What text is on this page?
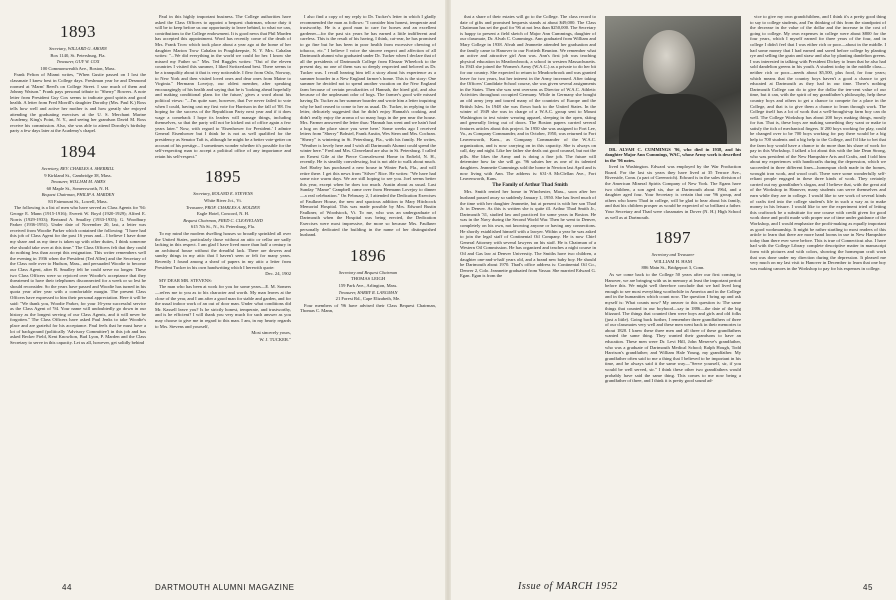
1893

Secretary, WILLARD G. ABORN

Box 1140, St. Petersburg, Fla.

Treasurer, GUY W. COX

100 Commonwealth Ave., Boston, Mass.

Frank Pelton of Miami writes, "When Gustie passed on I lost the classmate I knew best in College days. Freshman year he and Desmond roomed at 'Marm' Reed's on College Street. I saw much of them and Johnny Watson." Frank pays personal tribute to "Sherry" Bowers. A note letter from President Guy Cox seems to indicate good spirits and good health. A letter from Fred Morrill's daughter Dorothy (Mrs. Paul K.) Ross tells how well and active her mother is and how greatly she enjoyed attending the graduating exercises at the U. S. Merchant Marine Academy, King's Point, N. Y., and seeing her grandson David M. Ross receive his commission. Also, she was able to attend Dorothy's birthday party a few days later at the Academy's chapel.

1894

Secretary, REV. CHARLES A. SHERRILL

9 Kirkland St., Cambridge 38, Mass.

Treasurer, WILLIAM M. AMES

60 Maple St., Somersworth, N. H.

Bequest Chairman, PHILIP A. MARDEN

83 Fairmount St., Lowell, Mass.

The following is a list of men who have served as Class Agents for '94: George E. Mann (1915-1916); Everett W. Boyd (1920-1929); Alfred E. Norris (1929-1933); Bertrand A. Smalley (1933-1935); G. Woodbury Parker (1936-1951). Under date of November 20, last, a letter was received from Woodie Parker which contained the following: "I have had this job of Class Agent for the past 16 years and... I believe I have done my share and as my time is taken up with other duties, I think someone else should take over at this time." The Class Officers felt that they could do nothing less than accept this resignation. This writer remembers well the evening in 1936 when the President (Ted Allen) and the Secretary of the Class rode over to Hudson, Mass., and persuaded Woodie to become our Class Agent, after B. Smalley felt he could serve no longer. These two Class Officers were so rejoiced over Woodie's acceptance that they threatened to have their telephones disconnected for a week or so lest he should reconsider. So the years have passed and Woodie has turned in his quota year after year with a comfortable margin. The present Class Officers have expressed to him their personal appreciation. Here it will be said: "We thank you, Woodie Parker, for your 16-year successful service as the Class Agent of '94. Your name will undoubtedly go down in our history as the longest serving of our Class Agents, and it will never be forgotten." The Class Officers have asked Paul Jenks to take Woodie's place and are grateful for his acceptance. Paul feels that he must have a lot of background (politically 'Advisory Committee') in this job and has asked Becker Field, Kent Knowlton, Bud Lyon, P. Marden and the Class Secretary to serve in this capacity. Let us all, however, get solidly behind

Paul in this highly important business. The College authorities have asked the Class Officers to appoint a bequest chairman, whose duty it will be to keep before us our opportunity to leave behind, to what we can, contributions to the College endowment. It is good news that Phil Marden has accepted this appointment. Word has recently come of the death of Mrs. Frank Trow which took place about a year ago at the home of her daughter Marion Trow Cahalan in Poughkeepsie, N. Y. Mrs. Cahalan writes: "...We did everything in the world we could for her. I know she missed my Father so." Mrs. Ted Ruggles writes: "Out of the eleven countries I visited this summer, I liked Switzerland best. There seems to be a tranquility about it that is very noticeable. I flew from Oslo, Norway, to New York and then visited loved ones and dear ones from Maine to Virginia." Hermann Lovejoy, our oldest member, after speaking encouragingly of his health and saying that he is 'looking ahead hopefully and making conditional plans for the future,' gives a word about his political views: "...I'm quite sure, however, that I've never failed to vote when I could, having cast my first vote for Harrison in the fall of '88. I'm hoping for the success of the Republican Party next year and if it does wage a comeback I hope its leaders will manage things, including themselves, so that the party will not be kicked out of office again a few years later." Now, with regard to 'Eisenhower for President.' I admire General Eisenhower but I think he is not as well qualified for the presidency as Senator Taft is, although he might be a better vote-getter on account of his prestige... I sometimes wonder whether it's possible for the self-respecting man to accept a political office of any importance and retain his self-respect."

1895

Secretary, ROLAND E. STEVENS

White River Jct., Vt.

Treasurer, PROF. CHARLES A. HOLDEN

Eagle Hotel, Concord, N. H.

Bequest Chairman, FRED C. CLEAVELAND

615 7th St., N., St. Petersburg, Fla.

To my mind the modern dwelling houses so broadly sprinkled all over the United States, particularly those without an attic or cellar are sadly lacking in this respect. I am glad I have lived more than half a century in an architural house without the dreadful lack. There are dowers and sundry things in my attic that I haven't seen or felt for many years. Recently I found among a sheaf of papers in my attic a letter from President Tucker in his own handwriting which I herewith quote:

Dec. 24, 1902

MY DEAR MR. STEVENS:

The man who has been at work for you for some years—E. M. Somers—refers me to you as to his character and worth. My man leaves at the close of the year, and I am after a good man for stable and garden, and for the usual indoor work of an out of door man. Under what conditions did Mr. Kassell leave you? Is he strictly honest, temperate, and trustworthy, and is he efficient? I will thank you very much for such answer as you may choose to give me in regard to this man. I am, in my hearty regards to Mrs. Stevens and yourself,

Most sincerely yours,

W. J. TUCKER."

I also find a copy of my reply to Dr. Tucker's letter in which I gladly recommended the man as follows: "I consider him honest, temperate and trustworthy. He is a good man to care for horses and an excellent gardener—for the past six years he has earned a little indifferent and careless. This is the result of his having, I think, cat-rear, he has promised to go fine but he has been in poor health from excessive chewing of tobacco, etc." I believe I voice the sincere respect and affection of all Dartmouth alumni who graduated under Dr. Tucker when I declare that of all the presidents of Dartmouth College from Eleazar Wheelock to the present day, no one of them was so deeply respected and beloved as Dr. Tucker was. I recall hearing him tell a story about his experience as a summer boarder in a New England farmer's home. This is the story: One summer he decided not to spend another vacation on the New England farm because of certain peculiarities of Hannah, the hired girl, and also because of the unpleasant odor of hogs. The farmer's good wife missed having Dr. Tucker as her summer boarder and wrote him a letter inquiring why he had ceased to come to her as usual. Dr. Tucker, in replying to the letter, delicately suggested that he didn't enjoy Hannah's cooking, and didn't really enjoy the aroma of so many hogs in the pen near the house. Mrs. Farmer answered the letter thus: 'Hannah has went and we hain't had a hog on the place since you were here.' Some weeks ago I received letters from "Sherry" Bohstel, Frank Austin, Wes Stern and Mrs. Cochran. "Sherry" is wintering in St. Petersburg, Fla., with his family. He writes, "Weather is lovely here and I wish all Dartmouth Alumni could spend the winter here." Fred and Mrs. Cleaveland are also in St. Petersburg. I called on Ernest Gile at the Pierce Convalescent Home in Enfield, N. H., recently. He is steadily convalescing, but is not able to walk about much. Joel Harley has purchased a new house in Winter Park, Fla., and will retire there. I get this news from "Silver" Rice. He writes: "We have had some nice warm days. We are still hoping to see you. Joel seems better this year, except when he does too much. Austin about as usual. Last Sunday "Mame" Campbell came over from Hermann Lovejoy to dinner—a real celebration." On February 2, I attended the Dedication Exercises of Faulkner House, the new and spacious addition to Mary Hitchcock Memorial Hospital. This was made possible by Mrs. Edward Bustin Faulkner, of Woodstock, Vt. To me, who was an undergraduate of Dartmouth when the Hospital was being erected, the Dedication Exercises were most impressive, the more so because Mrs. Faulkner personally dedicated the building in the name of her distinguished husband.

1896

Secretary and Bequest Chairman

THOMAS LEIGH

159 Park Ave., Arlington, Mass.

Treasurer, HARRY R. LANGMAN

21 Forest Rd., Cape Elizabeth, Me.

Four members of '96 have advised their Class Bequest Chairman, Thomas C. Mann,

44	DARTMOUTH ALUMNI MAGAZINE

that a share of their estates will go to the College. The class record to date of gifts and promised bequests stands at about $49,000. The Class Chairman has set the goal for '96 at not less than $250,000. The Secretary is happy to present a field sketch of Major Ann Cummings, daughter of our classmate, Dr. Alvah C. Cummings. Ann graduated from William and Mary College in 1938. Alvah and Jeannette attended her graduation and the family came to Hanover to our Fortieth Reunion. We remember what an active and attractive girl Ann was. Ann's first job was teaching physical education in Meadowbrook, a school in western Massachusetts. In 1943 she joined the Women's Army (W.A.C.) as a private to do her bit for our country. She expected to return to Meadowbrook and was granted leave for two years, but her interest in the Army increased. After taking the Officers' Candidate School course, she was given several assignments in the States. Then she was sent overseas as Director of W.A.C. Athletic Activities throughout occupied Germany. While in Germany she bought an old army jeep and toured many of the countries of Europe and the British Isles. In 1948 she was flown back to the United States. In the winter of 1949 she was in charge of a W.A.C. group sent to Mount Washington to test winter wearing apparel, sleeping in the open, skiing and generally living out of doors. The Boston papers carried several features articles about this project. In 1950 she was assigned to Fort Lee, Va., as Company Commander, and in October, 1950, was returned to Fort Leavenworth, Kans., as Company Commander of the W.A.C. organization, and is now carrying on in this capacity. She is always on call, day and night. Like her father she deals out good counsel, but not the pills. She likes the Army and is doing a fine job. The future will determine how far she will go. '96 salutes her as one of its talented daughters. Jeannette Cummings sold the home in Newton last April and is now living with Ann. The address is: 631-A McClellan Ave., Fort Leavenworth, Kans.

The Family of Arthur Thad Smith

Mrs. Smith rented her home in Winchester, Mass., soon after her husband passed away so suddenly January 1, 1950. She has lived much of the time with her daughter Jeannette, but at present is with her son Thad Jr. in Denver. As this is written she is quite ill. Arthur Thad Smith Jr., Dartmouth '31, studied law and practiced for some years in Boston. He was in the Navy during the Second World War. Then he went to Denver, completely on his own, not knowing anyone or having any connections. He shortly established himself with a lawyer. Within a year he was asked to join the legal staff of Continental Oil Company. He is now Chief General Attorney with several lawyers on his staff. He is Chairman of a Western Oil Commission. He has organized and teaches a night course in Oil and Gas law at Denver University. The Smiths have two children, a daughter one-and-a-half years old, and a brand new baby boy. He should be Dartmouth about 1970. Thad's office address is: Continental Oil Co., Denver 2, Colo. Jeannette graduated from Vassar. She married Edward G. Egan. Egan is from the

DR. ALVAH C. CUMMINGS '96, who died in 1938, and his daughter Major Ann Cummings, WAC, whose Army work is described in the '96 notes.

lived in Washington. Edward was employed by the War Production Board. For the last six years they have lived at 35 Terrace Ave., Riverside, Conn. (a part of Greenwich). Edward is in the sales division of the American Mineral Spirits Company of New York. The Egans have two children, a son aged six, due at Dartmouth about 1964, and a daughter aged four. Your Secretary is certain that our '96 group, and others who knew Thad in college, will be glad to hear about his family, and that his children prosper as would be expected of so brilliant a father. Your Secretary and Thad were classmates in Dover (N. H.) High School as well as at Dartmouth.

1897

Secretary and Treasurer

WILLIAM H. HAM

886 Main St., Bridgeport 3, Conn.

As we come back to the College 50 years after our first coming to Hanover, we are bringing with us in memory at least the important period before this. We might well therefore conclude that we had lived long enough to see most everything worthwhile in America and in the College and in the humanities which count now. The question I bring up and ask myself is: What counts now? My answer to this question is: The same things that counted in our boyhood—say in 1886—the date of the big blizzard. The things that counted then were boys and girls and old folks (just a little). Going back further, I remember three grandfathers of three of our classmates very well and these men went back in their memories to about 1820. I knew these three men and all three of these grandfathers wanted the same thing. They wanted their grandsons to have an education. These men were Dr. Levi Hill, John Meserve's grandfather, who was a graduate of Dartmouth Medical School; Ralph Hough, Todd Harrison's grandfather; and William Hale Young, my grandfather. My grandfather often said to me a thing that I believed to be important in his time, and he always said it the same way—"Serve yourself, sir, if you would be well served, sir." I think these other two grandfathers would probably have said the same thing. This comes to me now being a grandfather of three, and I think it is pretty good sound ad-

vice to give my own grandchildren, and I think it's a pretty good thing to say to college students, and I'm thinking of this from the standpoint of the decrease in the value of the dollar and the increase in the cost of going to college. My own expenses in college were about $800 for the four years, which I myself earned for three years of the four, and in college I didn't feel that I was either rich or poor—about in the middle. I had some money that I had earned and saved before college by planting rye and selling the grain and straw and also by planting dandelion greens. I was interested in talking with President Dickey to learn that he also had sold dandelion greens in his youth. A student today in the middle class—neither rich or poor—needs about $5,500, plus food, for four years; which means that the country boys haven't a good a chance to get educated at Dartmouth as they had in our time. There's nothing Dartmouth College can do to give the dollar the ten-cent value of our time, but it can, with the spirit of my grandfather's philosophy, help these country boys and others to get a chance to compete for a place in the College, and that is to give them a chance to learn through work. The College itself has a lot of work that a well-brought-up farm boy can do well. The College Workshop has about 200 boys making things, mostly for fun. That is, these boys are making something they want or make to satisfy the itch of mechanical fingers. If 200 boys working for play, could be changed over to be 700 boys working for pay there would be a big help to 700 students and a big help to the College, and I'd like to bet that the farm boy would have a chance to do more than his share of work for pay in this Workshop. I talked a lot about this with the late Dean Strong, who was president of the New Hampshire Arts and Crafts, and I told him about my experiences with handicrafts during the depression, which we succeeded in three different lines—homespun cloth made in the homes, wrought iron work, and wood craft. There were some wonderfully self-reliant people engaged in these three kinds of work. They certainly carried out my grandfather's slogan, and I believe that, with the great aid of the Workshop in Hanover, many students can serve themselves and earn while they are in college. I would like to see work of several kinds of crafts tied into the college student's life in such a way as to make money in his leisure. I would like to see the experiment tried of letting this craftwork be a substitute for one course with credit given for good work done and profit made with proper use of time under guidance of the Workshop, and I would emphasize the profit-making as equally important as good workmanship. It might be rather startling to most readers of this article to learn that there are more hand looms in use in New Hampshire today than there ever were before. This is true of Connecticut also. I have had with the College Library complete descriptive matter in manuscript form with pictures and with colors, showing the homespun craft work that was done under my direction during the depression. It pleased me very much on my last visit to Hanover in December to learn that one boy was making canoes in the Workshop to pay for his expenses in college.

Issue of MARCH 1952	45
